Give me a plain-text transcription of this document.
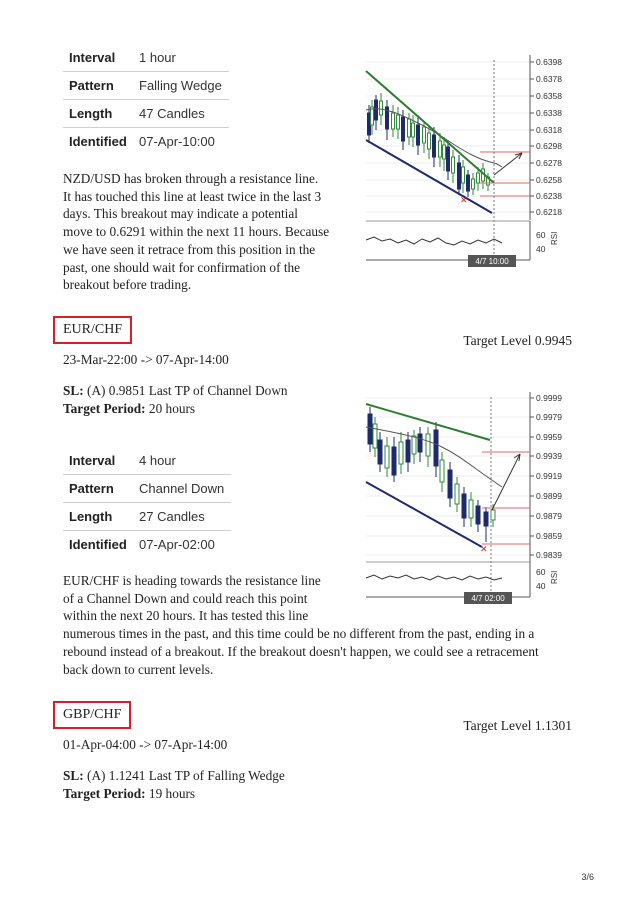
Interval	1 hour
Pattern	Falling Wedge
Length	47 Candles
Identified	07-Apr-10:00
NZD/USD has broken through a resistance line.
It has touched this line at least twice in the last 3
days. This breakout may indicate a potential
move to 0.6291 within the next 11 hours. Because
we have seen it retrace from this position in the
past, one should wait for confirmation of the
breakout before trading.
0.6398
0.6378
0.6358
0.6338
0.6318
0.6298
0.6278
0.6258
0.6238
0.6218
✕
60
40
RSI
4/7 10:00
EUR/CHF
Target Level 0.9945
23-Mar-22:00 -> 07-Apr-14:00
SL: (A) 0.9851 Last TP of Channel Down
Target Period: 20 hours
Interval	4 hour
Pattern	Channel Down
Length	27 Candles
Identified	07-Apr-02:00
EUR/CHF is heading towards the resistance line
of a Channel Down and could reach this point
within the next 20 hours. It has tested this line
numerous times in the past, and this time could be no different from the past, ending in a
rebound instead of a breakout. If the breakout doesn't happen, we could see a retracement
back down to current levels.
0.9999
0.9979
0.9959
0.9939
0.9919
0.9899
0.9879
0.9859
0.9839
✕
60
40
RSI
4/7 02:00
GBP/CHF
Target Level 1.1301
01-Apr-04:00 -> 07-Apr-14:00
SL: (A) 1.1241 Last TP of Falling Wedge
Target Period: 19 hours
3/6
